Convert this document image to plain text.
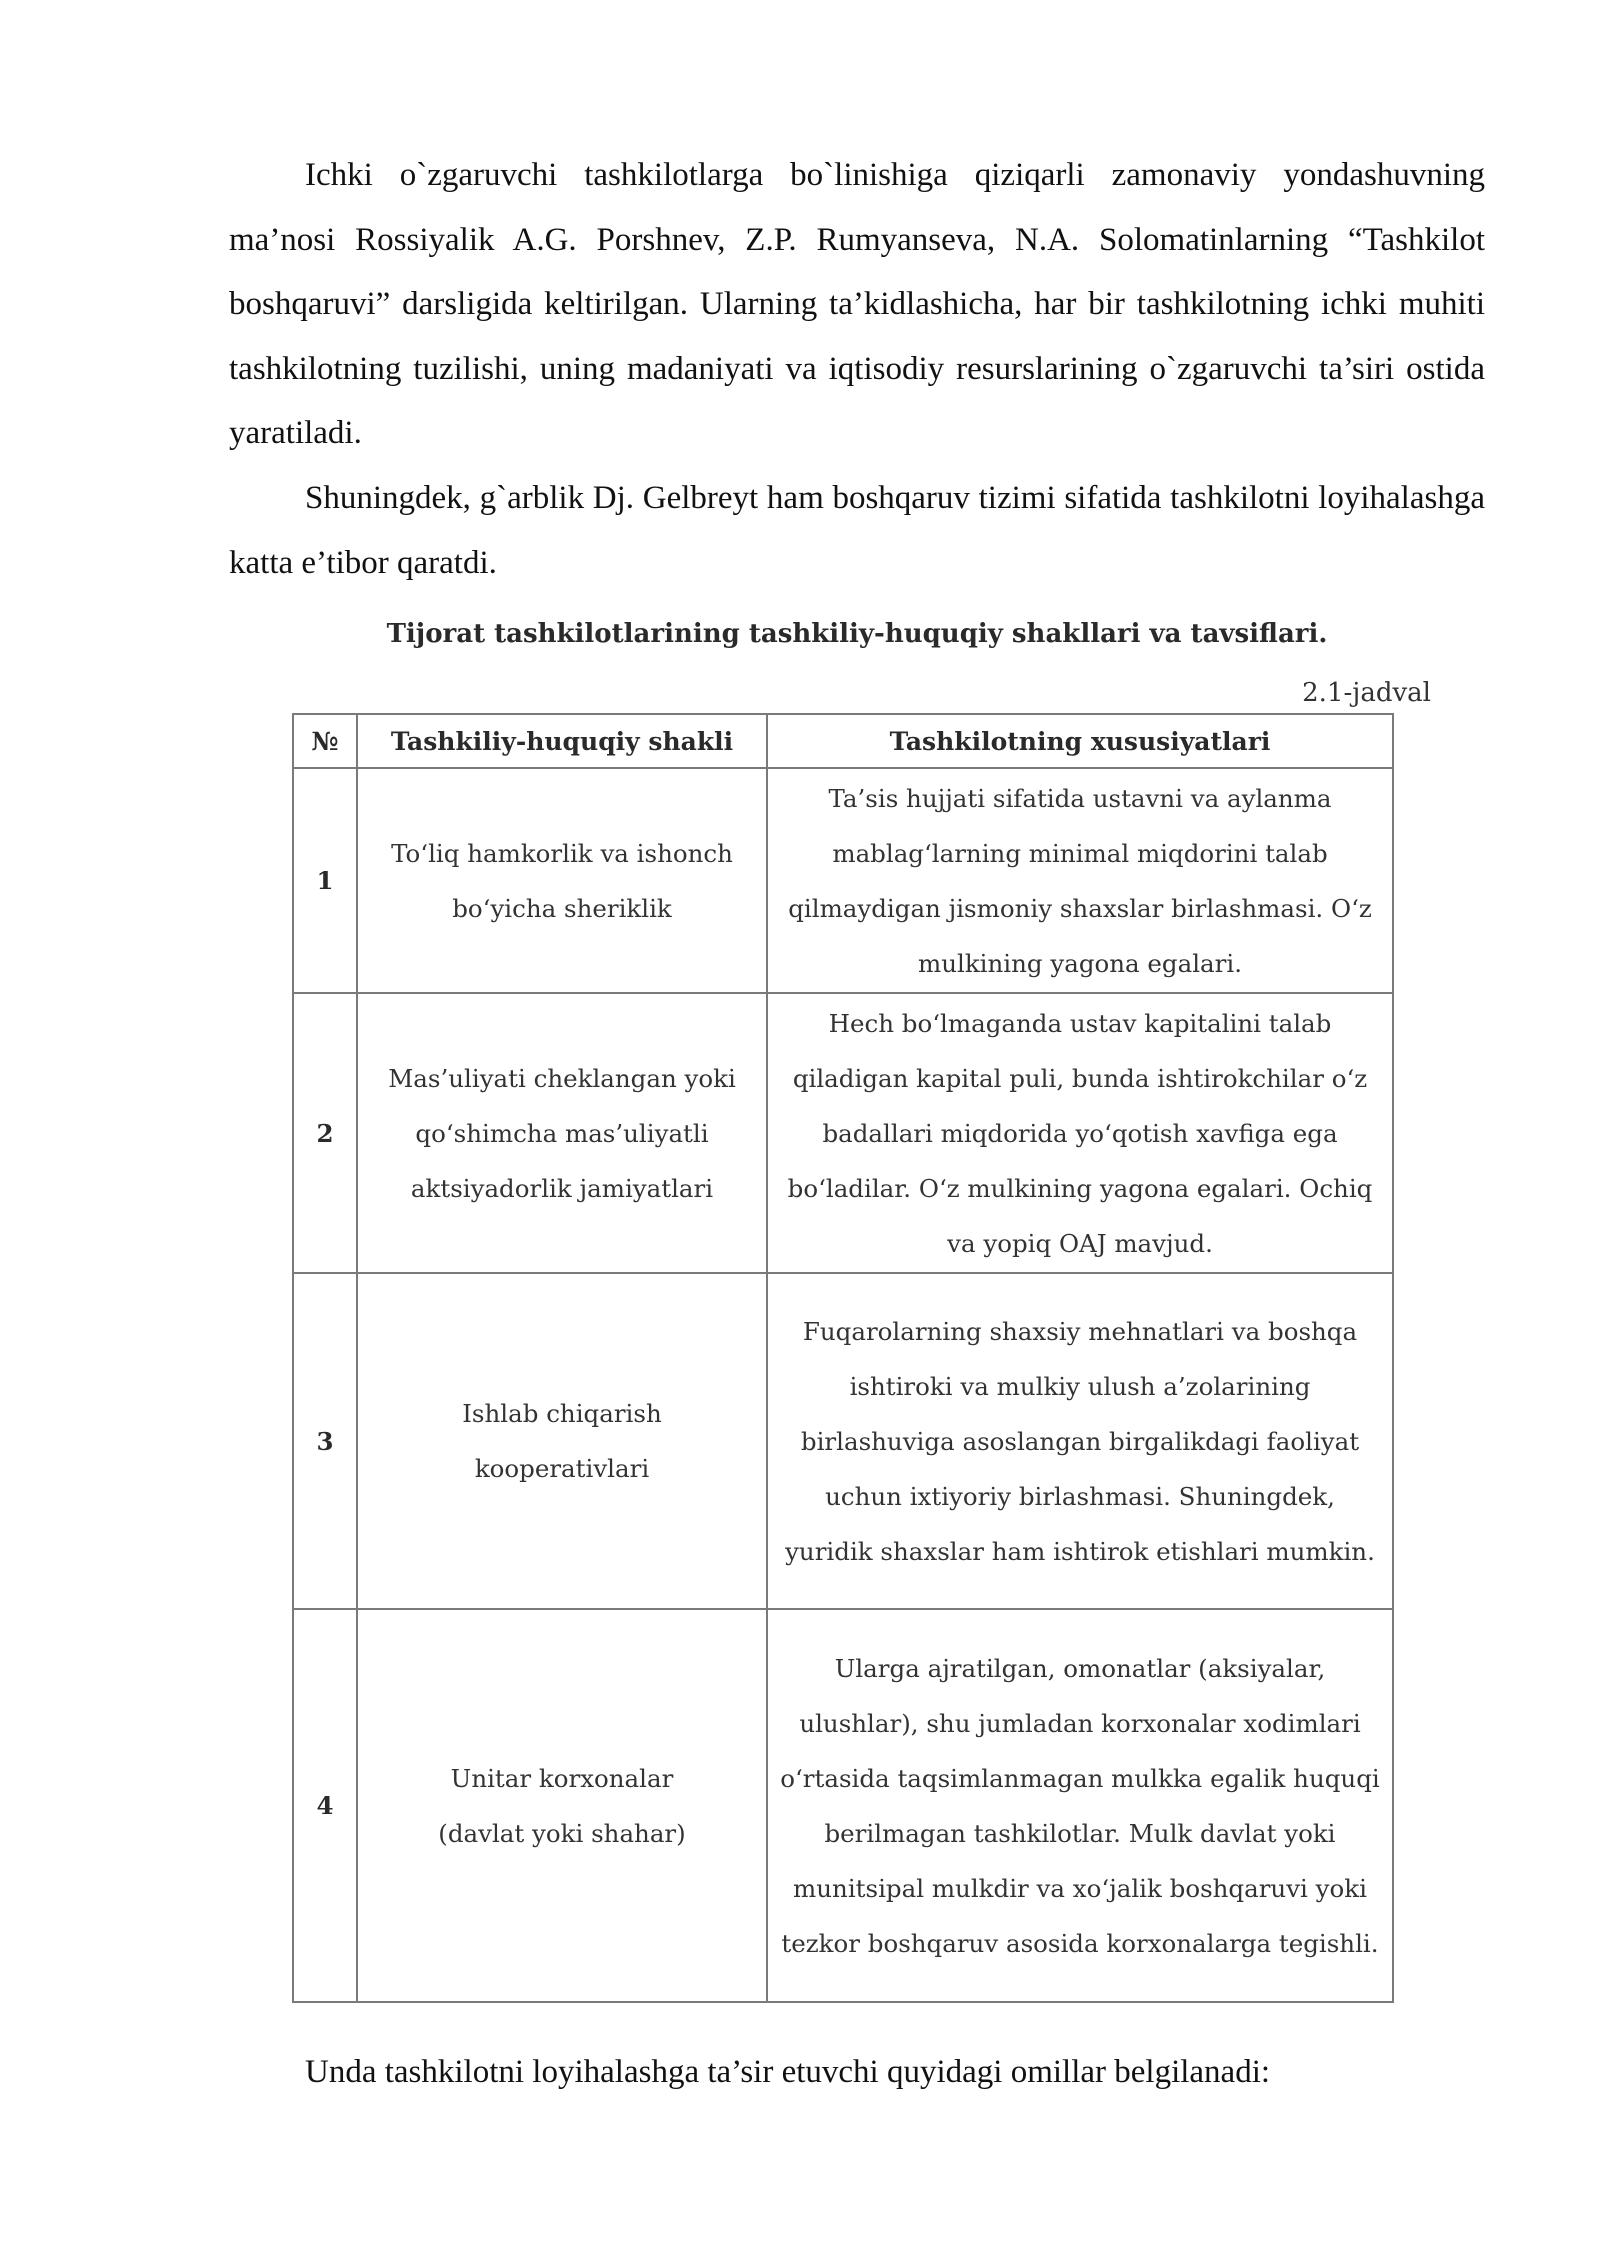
Ichki o`zgaruvchi tashkilotlarga bo`linishiga qiziqarli zamonaviy yondashuvning ma’nosi Rossiyalik A.G. Porshnev, Z.P. Rumyanseva, N.A. Solomatinlarning “Tashkilot boshqaruvi” darsligida keltirilgan. Ularning ta’kidlashicha, har bir tashkilotning ichki muhiti tashkilotning tuzilishi, uning madaniyati va iqtisodiy resurslarining o`zgaruvchi ta’siri ostida yaratiladi.

Shuningdek, g`arblik Dj. Gelbreyt ham boshqaruv tizimi sifatida tashkilotni loyihalashga katta e’tibor qaratdi.

Tijorat tashkilotlarining tashkiliy-huquqiy shakllari va tavsiflari.
2.1-jadval
№	Tashkiliy-huquqiy shakli	Tashkilotning xususiyatlari
1	To‘liq hamkorlik va ishonch bo‘yicha sheriklik	Ta’sis hujjati sifatida ustavni va aylanma mablag‘larning minimal miqdorini talab qilmaydigan jismoniy shaxslar birlashmasi. O‘z mulkining yagona egalari.

2	Mas’uliyati cheklangan yoki qo‘shimcha mas’uliyatli aktsiyadorlik jamiyatlari	Hech bo‘lmaganda ustav kapitalini talab qiladigan kapital puli, bunda ishtirokchilar o‘z badallari miqdorida yo‘qotish xavfiga ega bo‘ladilar. O‘z mulkining yagona egalari. Ochiq va yopiq OAJ mavjud.

3	Ishlab chiqarish kooperativlari	Fuqarolarning shaxsiy mehnatlari va boshqa ishtiroki va mulkiy ulush a’zolarining birlashuviga asoslangan birgalikdagi faoliyat uchun ixtiyoriy birlashmasi. Shuningdek, yuridik shaxslar ham ishtirok etishlari mumkin.

4	Unitar korxonalar (davlat yoki shahar)	Ularga ajratilgan, omonatlar (aksiyalar, ulushlar), shu jumladan korxonalar xodimlari o‘rtasida taqsimlanmagan mulkka egalik huquqi berilmagan tashkilotlar. Mulk davlat yoki munitsipal mulkdir va xo‘jalik boshqaruvi yoki tezkor boshqaruv asosida korxonalarga tegishli.

Unda tashkilotni loyihalashga ta’sir etuvchi quyidagi omillar belgilanadi:
